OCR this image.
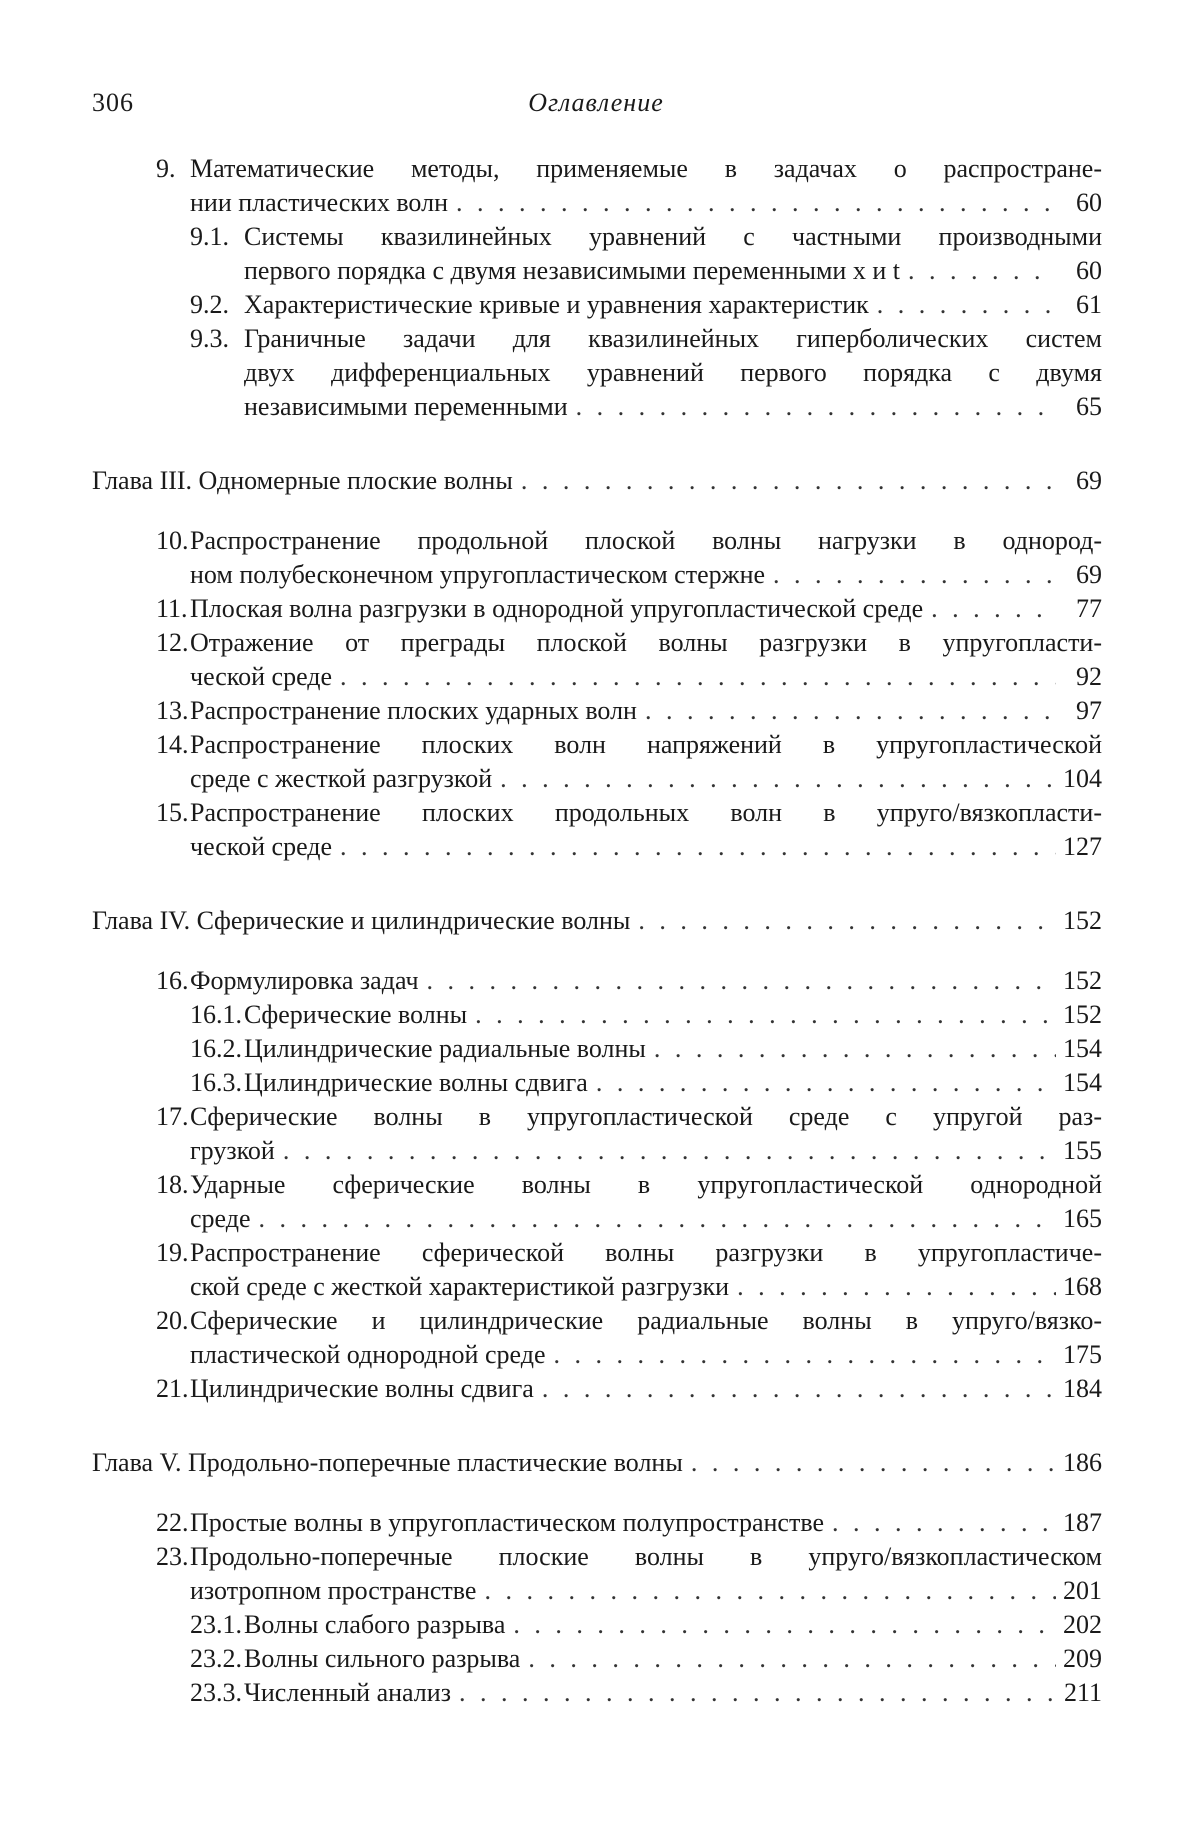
306	Оглавление
9. Математические методы, применяемые в задачах о распростране-
нии пластических волн . . .	60
9.1. Системы квазилинейных уравнений с частными производными
первого порядка с двумя независимыми переменными x и t . . .	60
9.2. Характеристические кривые и уравнения характеристик . . .	61
9.3. Граничные задачи для квазилинейных гиперболических систем
двух дифференциальных уравнений первого порядка с двумя
независимыми переменными . . .	65
Глава III. Одномерные плоские волны . . .	69
10. Распространение продольной плоской волны нагрузки в однород-
ном полубесконечном упругопластическом стержне . . .	69
11. Плоская волна разгрузки в однородной упругопластической среде . . .	77
12. Отражение от преграды плоской волны разгрузки в упругопласти-
ческой среде . . .	92
13. Распространение плоских ударных волн . . .	97
14. Распространение плоских волн напряжений в упругопластической
среде с жесткой разгрузкой . . .	104
15. Распространение плоских продольных волн в упруго/вязкопласти-
ческой среде . . .	127
Глава IV. Сферические и цилиндрические волны . . .	152
16. Формулировка задач . . .	152
16.1. Сферические волны . . .	152
16.2. Цилиндрические радиальные волны . . .	154
16.3. Цилиндрические волны сдвига . . .	154
17. Сферические волны в упругопластической среде с упругой раз-
грузкой . . .	155
18. Ударные сферические волны в упругопластической однородной
среде . . .	165
19. Распространение сферической волны разгрузки в упругопластиче-
ской среде с жесткой характеристикой разгрузки . . .	168
20. Сферические и цилиндрические радиальные волны в упруго/вязко-
пластической однородной среде . . .	175
21. Цилиндрические волны сдвига . . .	184
Глава V. Продольно-поперечные пластические волны . . .	186
22. Простые волны в упругопластическом полупространстве . . .	187
23. Продольно-поперечные плоские волны в упруго/вязкопластическом
изотропном пространстве . . .	201
23.1. Волны слабого разрыва . . .	202
23.2. Волны сильного разрыва . . .	209
23.3. Численный анализ . . .	211
